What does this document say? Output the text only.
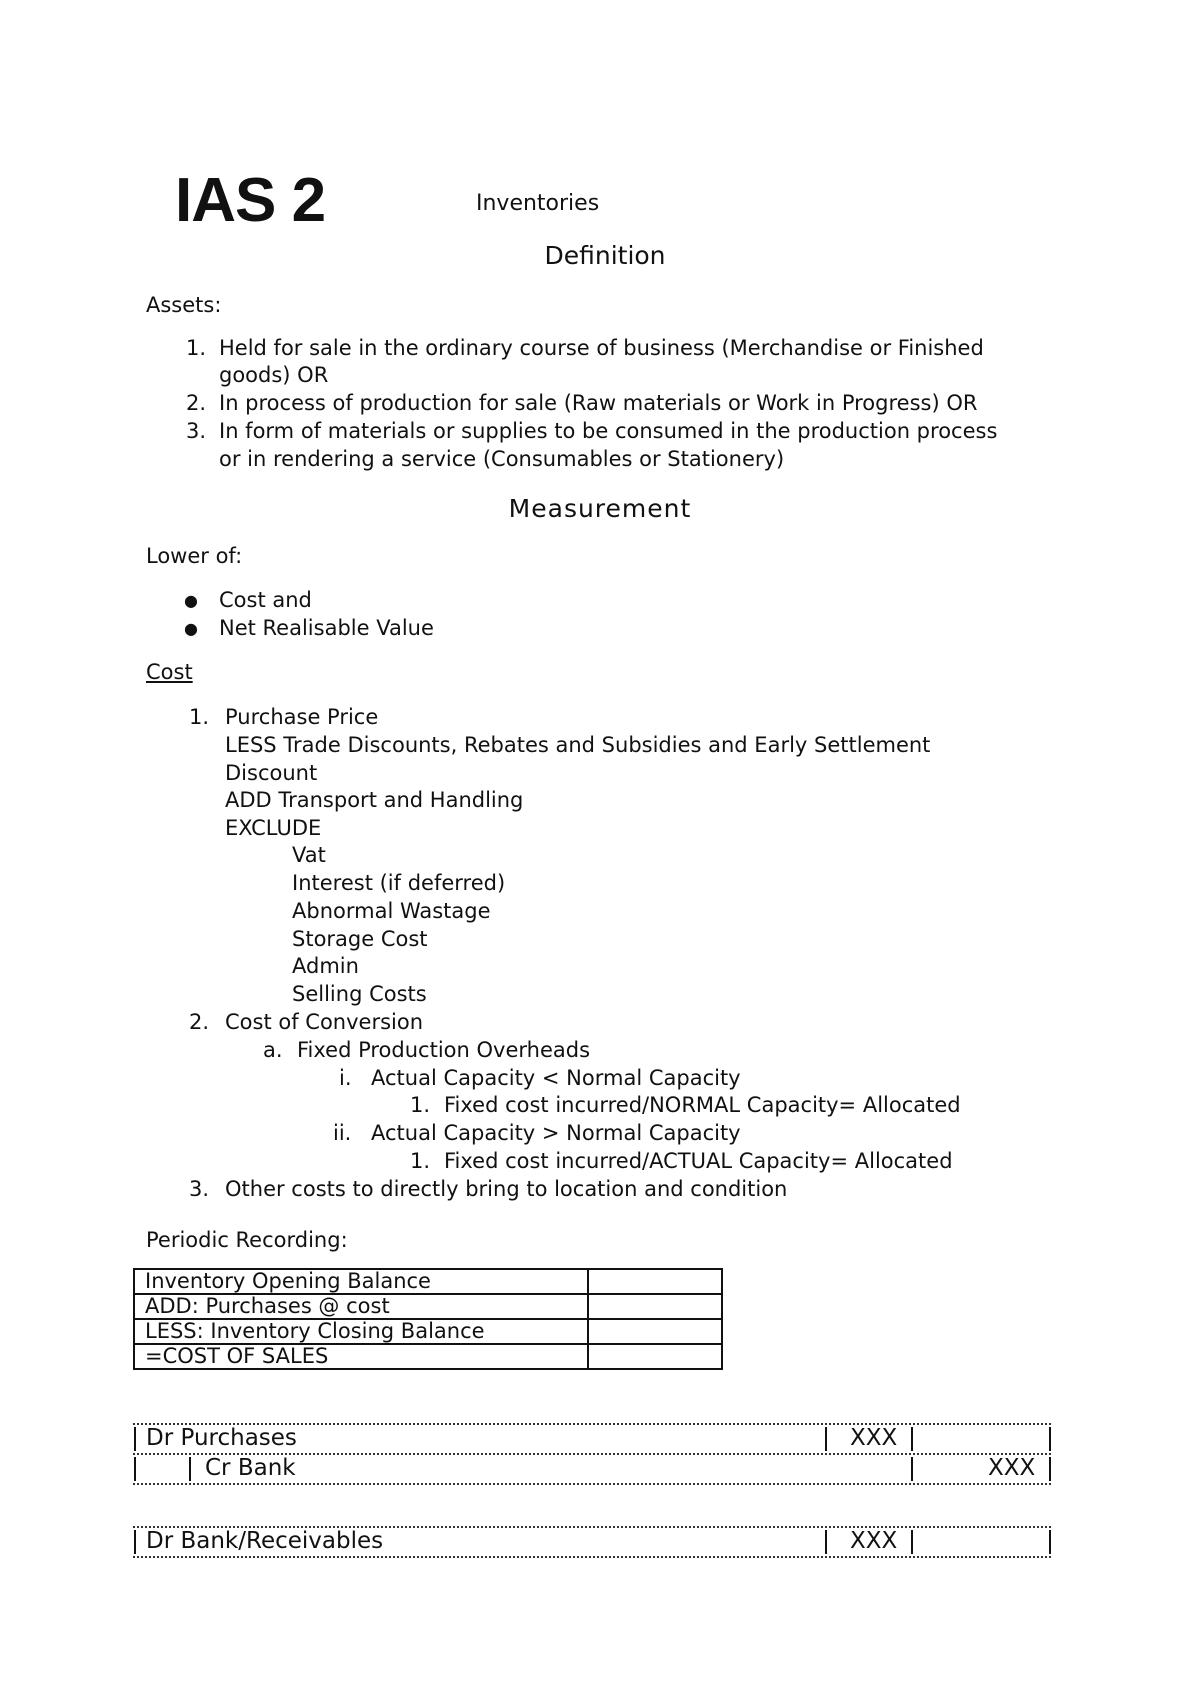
IAS 2	Inventories
Definition
Assets:
1. Held for sale in the ordinary course of business (Merchandise or Finished
goods) OR
2. In process of production for sale (Raw materials or Work in Progress) OR
3. In form of materials or supplies to be consumed in the production process
or in rendering a service (Consumables or Stationery)
Measurement
Lower of:
● Cost and
● Net Realisable Value
Cost
1. Purchase Price
LESS Trade Discounts, Rebates and Subsidies and Early Settlement
Discount
ADD Transport and Handling
EXCLUDE
Vat
Interest (if deferred)
Abnormal Wastage
Storage Cost
Admin
Selling Costs
2. Cost of Conversion
a. Fixed Production Overheads
i. Actual Capacity < Normal Capacity
1. Fixed cost incurred/NORMAL Capacity= Allocated
ii. Actual Capacity > Normal Capacity
1. Fixed cost incurred/ACTUAL Capacity= Allocated
3. Other costs to directly bring to location and condition
Periodic Recording:
Inventory Opening Balance	
ADD: Purchases @ cost	
LESS: Inventory Closing Balance	
=COST OF SALES	
Dr Purchases	XXX
Cr Bank	XXX
Dr Bank/Receivables	XXX
